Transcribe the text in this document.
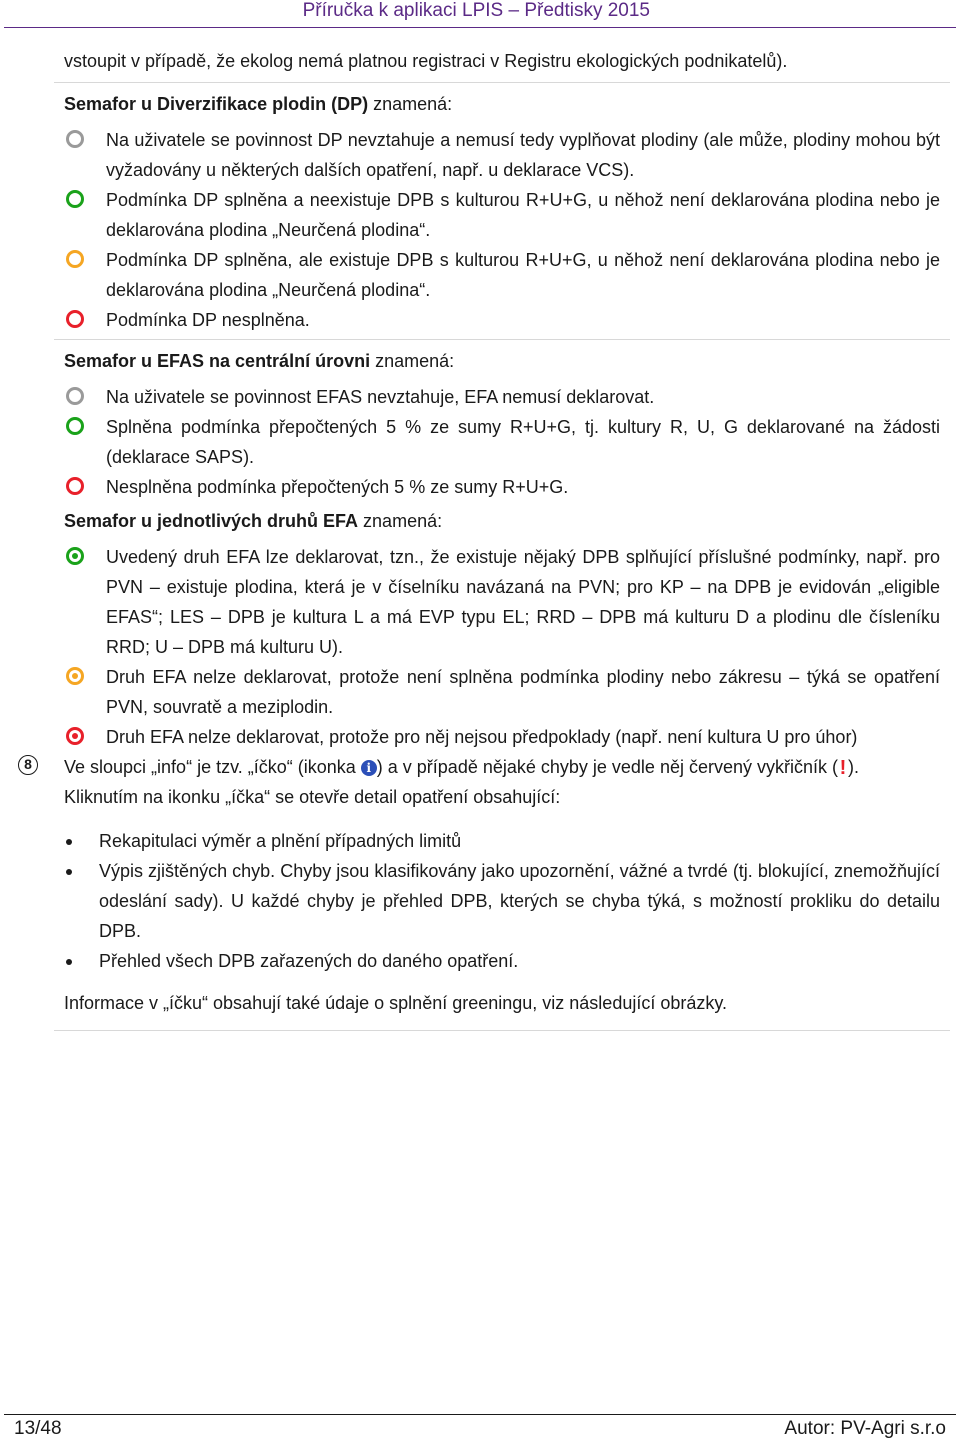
Příručka k aplikaci LPIS – Předtisky 2015

vstoupit v případě, že ekolog nemá platnou registraci v Registru ekologických podnikatelů).

Semafor u Diverzifikace plodin (DP) znamená:

Na uživatele se povinnost DP nevztahuje a nemusí tedy vyplňovat plodiny (ale může, plodiny mohou být vyžadovány u některých dalších opatření, např. u deklarace VCS).
Podmínka DP splněna a neexistuje DPB s kulturou R+U+G, u něhož není deklarována plodina nebo je deklarována plodina „Neurčená plodina“.
Podmínka DP splněna, ale existuje DPB s kulturou R+U+G, u něhož není deklarována plodina nebo je deklarována plodina „Neurčená plodina“.
Podmínka DP nesplněna.

Semafor u EFAS na centrální úrovni znamená:

Na uživatele se povinnost EFAS nevztahuje, EFA nemusí deklarovat.
Splněna podmínka přepočtených 5 % ze sumy R+U+G, tj. kultury R, U, G deklarované na žádosti (deklarace SAPS).
Nesplněna podmínka přepočtených 5 % ze sumy R+U+G.

Semafor u jednotlivých druhů EFA znamená:

Uvedený druh EFA lze deklarovat, tzn., že existuje nějaký DPB splňující příslušné podmínky, např. pro PVN – existuje plodina, která je v číselníku navázaná na PVN; pro KP – na DPB je evidován „eligible EFAS“; LES – DPB je kultura L a má EVP typu EL; RRD – DPB má kulturu D a plodinu dle čísleníku RRD; U – DPB má kulturu U).
Druh EFA nelze deklarovat, protože není splněna podmínka plodiny nebo zákresu – týká se opatření PVN, souvratě a meziplodin.
Druh EFA nelze deklarovat, protože pro něj nejsou předpoklady (např. není kultura U pro úhor)
8	Ve sloupci „info“ je tzv. „íčko“ (ikonka i ) a v případě nějaké chyby je vedle něj červený vykřičník (!).

Kliknutím na ikonku „íčka“ se otevře detail opatření obsahující:

Rekapitulaci výměr a plnění případných limitů
Výpis zjištěných chyb. Chyby jsou klasifikovány jako upozornění, vážné a tvrdé (tj. blokující, znemožňující odeslání sady). U každé chyby je přehled DPB, kterých se chyba týká, s možností prokliku do detailu DPB.
Přehled všech DPB zařazených do daného opatření.

Informace v „íčku“ obsahují také údaje o splnění greeningu, viz následující obrázky.

13/48	Autor: PV-Agri s.r.o
